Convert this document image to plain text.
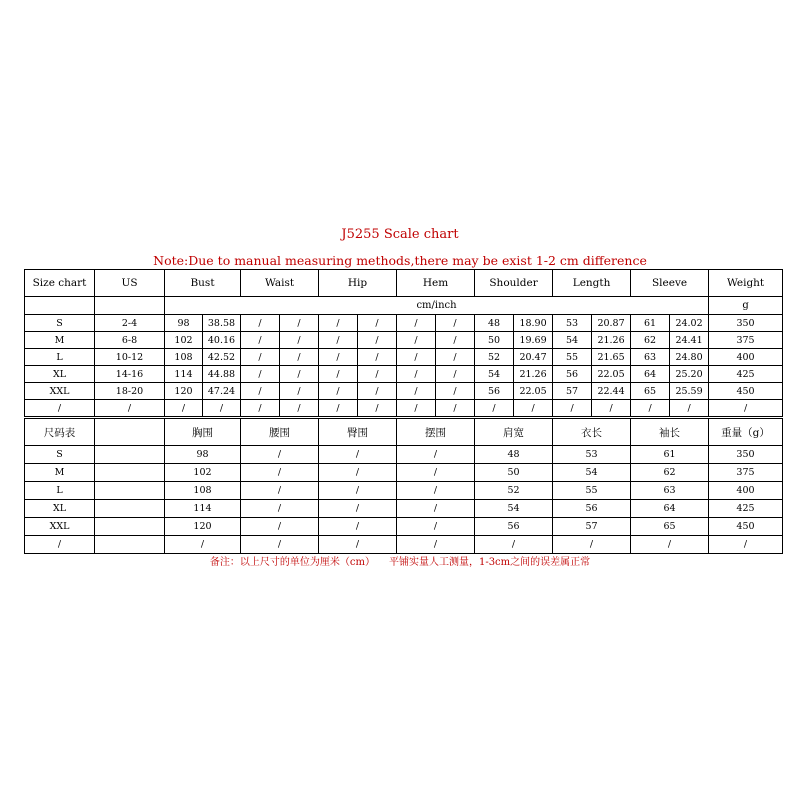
J5255 Scale chart
Note:Due to manual measuring methods,there may be exist 1-2 cm difference
Size chart	US	Bust		Waist		Hip		Hem		Shoulder		Length		Sleeve		Weight
		cm/inch														g
S	2-4	98	38.58	/	/	/	/	/	/	48	18.90	53	20.87	61	24.02	350
M	6-8	102	40.16	/	/	/	/	/	/	50	19.69	54	21.26	62	24.41	375
L	10-12	108	42.52	/	/	/	/	/	/	52	20.47	55	21.65	63	24.80	400
XL	14-16	114	44.88	/	/	/	/	/	/	54	21.26	56	22.05	64	25.20	425
XXL	18-20	120	47.24	/	/	/	/	/	/	56	22.05	57	22.44	65	25.59	450
/	/	/	/	/	/	/	/	/	/	/	/	/	/	/	/	/
尺码表		胸围	腰围	臀围	摆围	肩宽	衣长	袖长	重量（g）
S		98	/	/	/	48	53	61	350
M		102	/	/	/	50	54	62	375
L		108	/	/	/	52	55	63	400
XL		114	/	/	/	54	56	64	425
XXL		120	/	/	/	56	57	65	450
/		/	/	/	/	/	/	/	/
备注：以上尺寸的单位为厘米（cm） 平铺实量人工测量，1-3cm之间的误差属正常
